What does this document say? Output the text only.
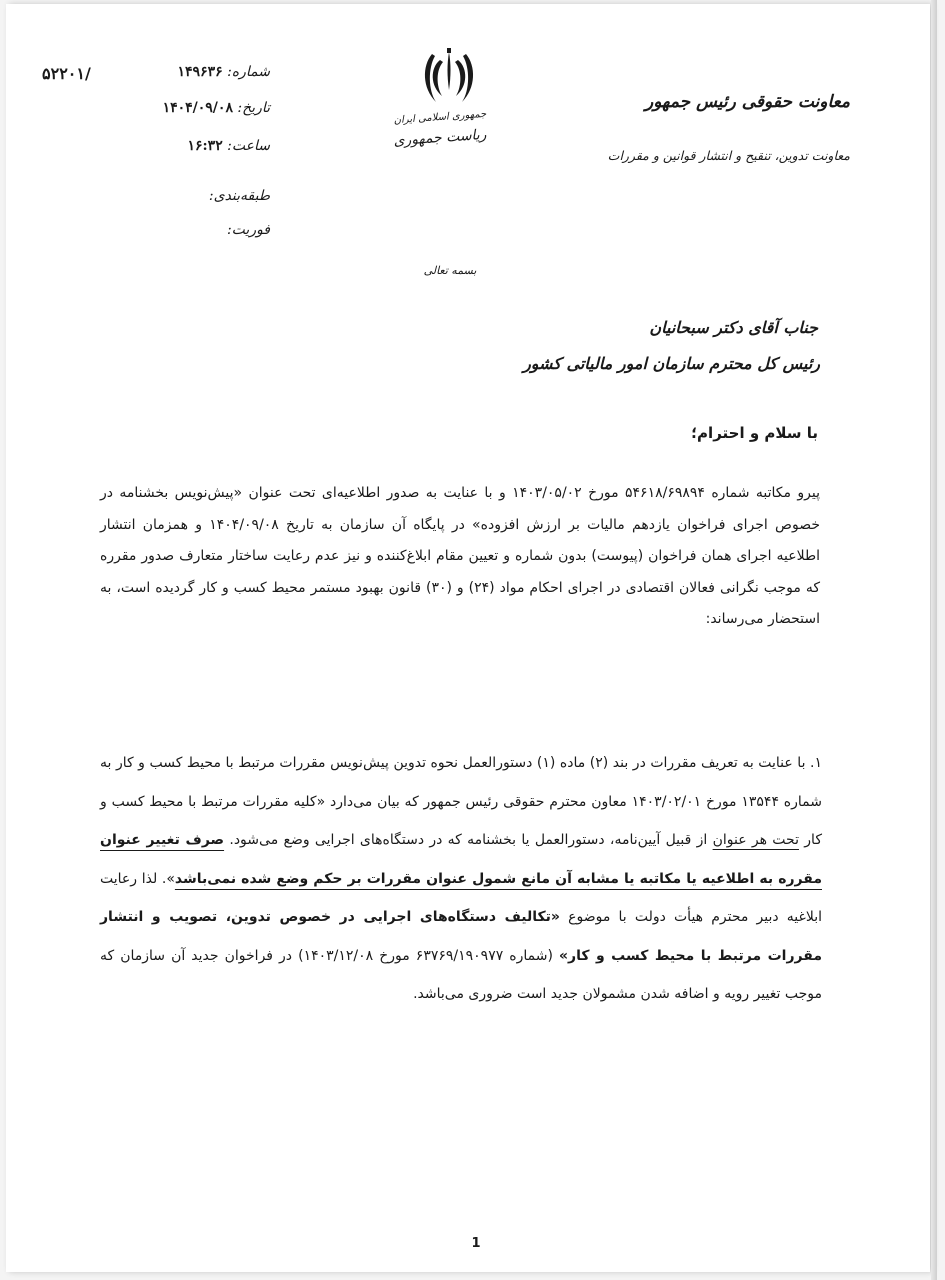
۵۲۲۰۱/	شماره: ۱۴۹۶۳۶
تاریخ: ۱۴۰۴/۰۹/۰۸
ساعت: ۱۶:۳۲
طبقه‌بندی:
فوریت:
جمهوری اسلامی ایران
ریاست جمهوری
معاونت حقوقی رئیس جمهور
معاونت تدوین، تنقیح و انتشار قوانین و مقررات
بسمه تعالی
جناب آقای دکتر سبحانیان
رئیس کل محترم سازمان امور مالیاتی کشور
با سلام و احترام؛
پیرو مکاتبه شماره ۵۴۶۱۸/۶۹۸۹۴ مورخ ۱۴۰۳/۰۵/۰۲ و با عنایت به صدور اطلاعیه‌ای تحت عنوان «پیش‌نویس بخشنامه در خصوص اجرای فراخوان یازدهم مالیات بر ارزش افزوده» در پایگاه آن سازمان به تاریخ ۱۴۰۴/۰۹/۰۸ و همزمان انتشار اطلاعیه اجرای همان فراخوان (پیوست) بدون شماره و تعیین مقام ابلاغ‌کننده و نیز عدم رعایت ساختار متعارف صدور مقرره که موجب نگرانی فعالان اقتصادی در اجرای احکام مواد (۲۴) و (۳۰) قانون بهبود مستمر محیط کسب و کار گردیده است، به استحضار می‌رساند:
۱. با عنایت به تعریف مقررات در بند (۲) ماده (۱) دستورالعمل نحوه تدوین پیش‌نویس مقررات مرتبط با محیط کسب و کار به شماره ۱۳۵۴۴ مورخ ۱۴۰۳/۰۲/۰۱ معاون محترم حقوقی رئیس جمهور که بیان می‌دارد «کلیه مقررات مرتبط با محیط کسب و کار تحت هر عنوان از قبیل آیین‌نامه، دستورالعمل یا بخشنامه که در دستگاه‌های اجرایی وضع می‌شود. صرف تغییر عنوان مقرره به اطلاعیه یا مکاتبه یا مشابه آن مانع شمول عنوان مقررات بر حکم وضع شده نمی‌باشد». لذا رعایت ابلاغیه دبیر محترم هیأت دولت با موضوع «تکالیف دستگاه‌های اجرایی در خصوص تدوین، تصویب و انتشار مقررات مرتبط با محیط کسب و کار» (شماره ۶۳۷۶۹/۱۹۰۹۷۷ مورخ ۱۴۰۳/۱۲/۰۸) در فراخوان جدید آن سازمان که موجب تغییر رویه و اضافه شدن مشمولان جدید است ضروری می‌باشد.
1
